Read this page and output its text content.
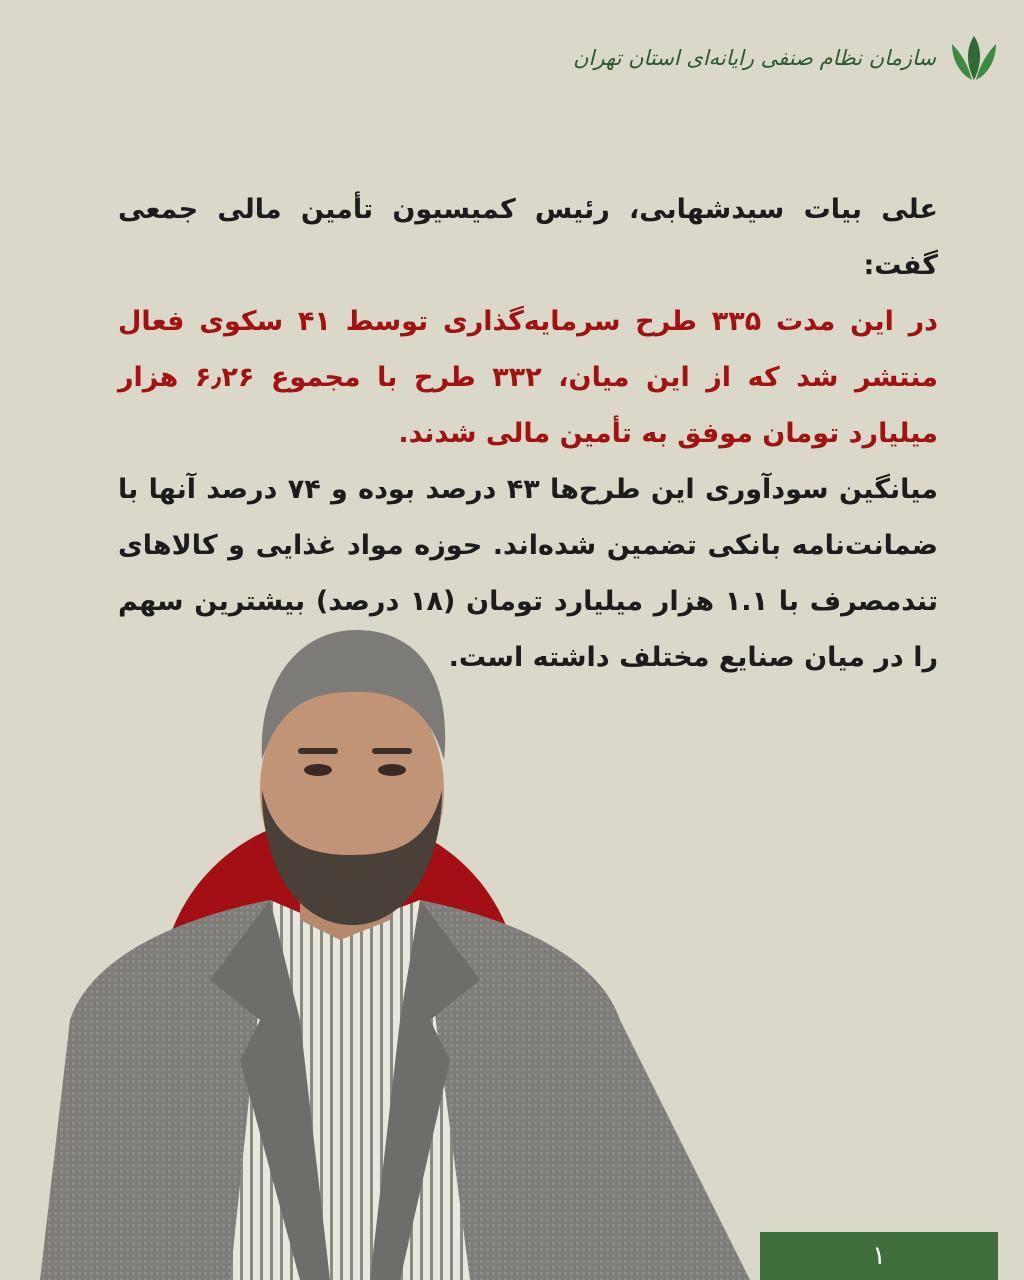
سازمان نظام صنفی رایانه‌ای استان تهران

علی بیات سیدشهابی، رئیس کمیسیون تأمین مالی جمعی گفت:

در این مدت ۳۳۵ طرح سرمایه‌گذاری توسط ۴۱ سکوی فعال منتشر شد که از این میان، ۳۳۲ طرح با مجموع ۶٫۲۶ هزار میلیارد تومان موفق به تأمین مالی شدند.

میانگین سودآوری این طرح‌ها ۴۳ درصد بوده و ۷۴ درصد آنها با ضمانت‌نامه بانکی تضمین شده‌اند. حوزه مواد غذایی و کالاهای تندمصرف با ۱.۱ هزار میلیارد تومان (۱۸ درصد) بیشترین سهم را در میان صنایع مختلف داشته است.

۱
